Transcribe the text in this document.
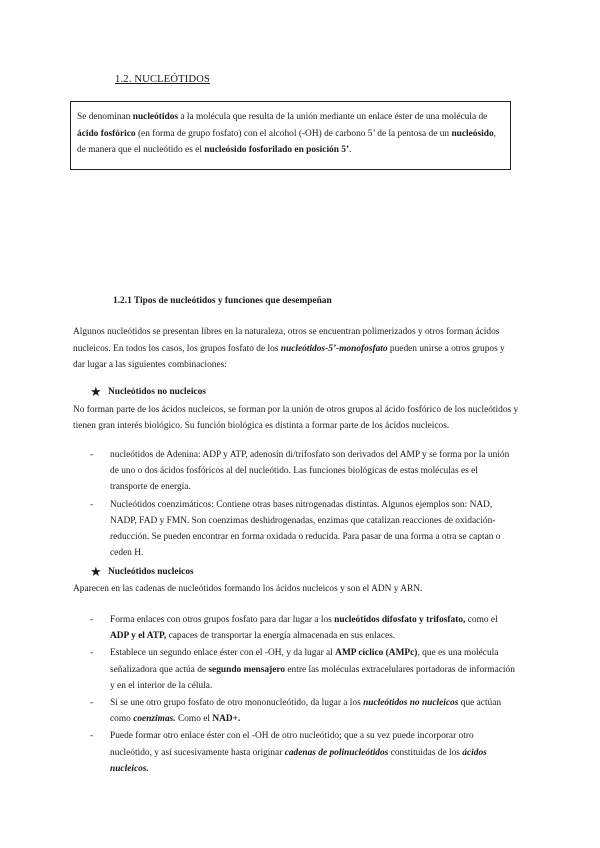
1.2. NUCLEÓTIDOS
Se denominan nucleótidos a la molécula que resulta de la unión mediante un enlace éster de una molécula de ácido fosfórico (en forma de grupo fosfato) con el alcohol (-OH) de carbono 5’ de la pentosa de un nucleósido, de manera que el nucleótido es el nucleósido fosforilado en posición 5’.
1.2.1 Tipos de nucleótidos y funciones que desempeñan
Algunos nucleótidos se presentan libres en la naturaleza, otros se encuentran polimerizados y otros forman ácidos nucleicos. En todos los casos, los grupos fosfato de los nucleótidos-5’-monofosfato pueden unirse a otros grupos y dar lugar a las siguientes combinaciones:
★ Nucleótidos no nucleicos
No forman parte de los ácidos nucleicos, se forman por la unión de otros grupos al ácido fosfórico de los nucleótidos y tienen gran interés biológico. Su función biológica es distinta a formar parte de los ácidos nucleicos.
- nucleótidos de Adenina: ADP y ATP, adenosín di/trifosfato son derivados del AMP y se forma por la unión de uno o dos ácidos fosfóricos al del nucleótido. Las funciones biológicas de estas moléculas es el transporte de energía.
- Nucleótidos coenzimáticos: Contiene otras bases nitrogenadas distintas. Algunos ejemplos son: NAD, NADP, FAD y FMN. Son coenzimas deshidrogenadas, enzimas que catalizan reacciones de oxidación- reducción. Se pueden encontrar en forma oxidada o reducida. Para pasar de una forma a otra se captan o ceden H.
★ Nucleótidos nucleicos
Aparecen en las cadenas de nucleótidos formando los ácidos nucleicos y son el ADN y ARN.
- Forma enlaces con otros grupos fosfato para dar lugar a los nucleótidos difosfato y trifosfato, como el ADP y el ATP, capaces de transportar la energía almacenada en sus enlaces.
- Establece un segundo enlace éster con el -OH, y da lugar al AMP cíclico (AMPc), que es una molécula señalizadora que actúa de segundo mensajero entre las moléculas extracelulares portadoras de información y en el interior de la célula.
- Si se une otro grupo fosfato de otro mononucleótido, da lugar a los nucleótidos no nucleicos que actúan como coenzimas. Como el NAD+.
- Puede formar otro enlace éster con el -OH de otro nucleótido; que a su vez puede incorporar otro nucleótido, y así sucesivamente hasta originar cadenas de polinucleótidos constituidas de los ácidos nucleicos.
